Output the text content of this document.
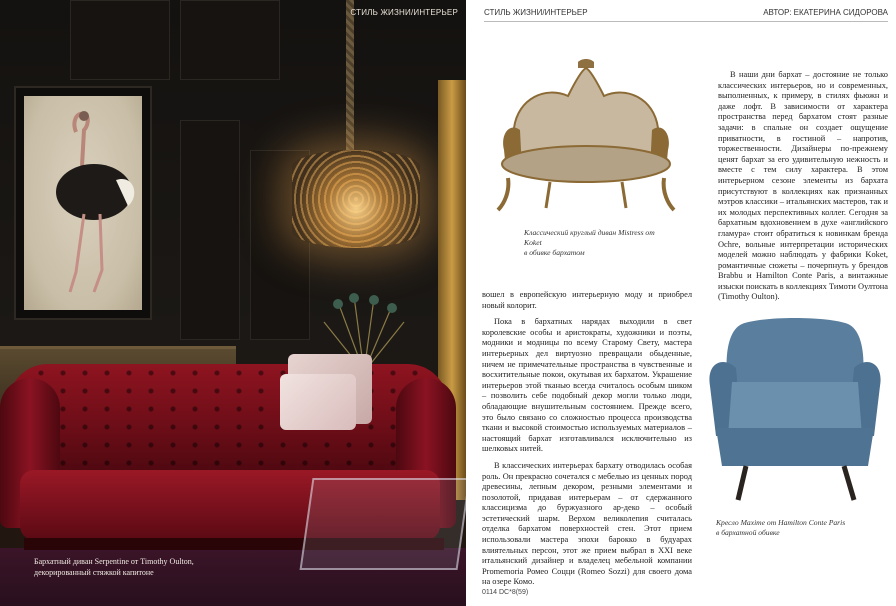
СТИЛЬ ЖИЗНИ/ИНТЕРЬЕР
Бархатный диван Serpentine от Timothy Oulton,
декорированный стяжкой капитоне
СТИЛЬ ЖИЗНИ/ИНТЕРЬЕР	АВТОР: ЕКАТЕРИНА СИДОРОВА
Классический круглый диван Mistress от Koket
в обивке бархатом

В наши дни бархат – достояние не только классических интерьеров, но и современных, выполненных, к примеру, в стилях фьюжн и даже лофт. В зависимости от характера пространства перед бархатом стоят разные задачи: в спальне он создает ощущение приватности, в гостиной – напротив, торжественности. Дизайнеры по-прежнему ценят бархат за его удивительную нежность и вместе с тем силу характера. В этом интерьерном сезоне элементы из бархата присутствуют в коллекциях как признанных мэтров классики – итальянских мастеров, так и их молодых перспективных коллег. Сегодня за бархатным вдохновением в духе «английского гламура» стоит обратиться к новинкам бренда Ochre, вольные интерпретации исторических моделей можно наблюдать у фабрики Koket, романтичные сюжеты – почерпнуть у брендов Brabbu и Hamilton Conte Paris, а винтажные изыски поискать в коллекциях Тимоти Оултона (Timothy Oulton).

вошел в европейскую интерьерную моду и приобрел новый колорит.

Пока в бархатных нарядах выходили в свет королевские особы и аристократы, художники и поэты, модники и модницы по всему Старому Свету, мастера интерьерных дел виртуозно превращали обыденные, ничем не примечательные пространства в чувственные и восхитительные покои, окутывая их бархатом. Украшение интерьеров этой тканью всегда считалось особым шиком – позволить себе подобный декор могли только люди, обладающие внушительным состоянием. Прежде всего, это было связано со сложностью процесса производства ткани и высокой стоимостью используемых материалов – настоящий бархат изготавливался исключительно из шелковых нитей.

В классических интерьерах бархату отводилась особая роль. Он прекрасно сочетался с мебелью из ценных пород древесины, лепным декором, резными элементами и позолотой, придавая интерьерам – от сдержанного классицизма до буржуазного ар-деко – особый эстетический шарм. Верхом великолепия считалась отделка бархатом поверхностей стен. Этот прием использовали мастера эпохи барокко в будуарах влиятельных персон, этот же прием выбрал в XXI веке итальянский дизайнер и владелец мебельной компании Promemoria Ромео Соцци (Romeo Sozzi) для своего дома на озере Комо.

Кресло Maxime от Hamilton Conte Paris
в бархатной обивке
0114 DC*8(59)
